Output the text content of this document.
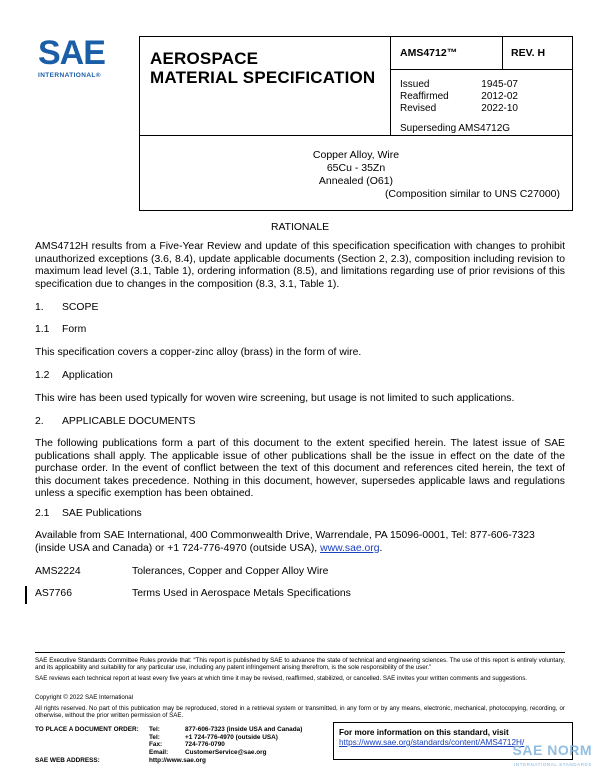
SAE
INTERNATIONAL®
AEROSPACE
MATERIAL SPECIFICATION
AMS4712™	REV. H
Issued	1945-07
Reaffirmed	2012-02
Revised	2022-10
Superseding AMS4712G
Copper Alloy, Wire
65Cu - 35Zn
Annealed (O61)
(Composition similar to UNS C27000)
RATIONALE
AMS4712H results from a Five-Year Review and update of this specification specification with changes to prohibit unauthorized exceptions (3.6, 8.4), update applicable documents (Section 2, 2.3), composition including revision to maximum lead level (3.1, Table 1), ordering information (8.5), and limitations regarding use of prior revisions of this specification due to changes in the composition (8.3, 3.1, Table 1).
1.	SCOPE
1.1	Form
This specification covers a copper-zinc alloy (brass) in the form of wire.
1.2	Application
This wire has been used typically for woven wire screening, but usage is not limited to such applications.
2.	APPLICABLE DOCUMENTS
The following publications form a part of this document to the extent specified herein. The latest issue of SAE publications shall apply. The applicable issue of other publications shall be the issue in effect on the date of the purchase order. In the event of conflict between the text of this document and references cited herein, the text of this document takes precedence. Nothing in this document, however, supersedes applicable laws and regulations unless a specific exemption has been obtained.
2.1	SAE Publications
Available from SAE International, 400 Commonwealth Drive, Warrendale, PA 15096-0001, Tel: 877-606-7323 (inside USA and Canada) or +1 724-776-4970 (outside USA), www.sae.org.
AMS2224	Tolerances, Copper and Copper Alloy Wire
AS7766	Terms Used in Aerospace Metals Specifications
SAE Executive Standards Committee Rules provide that: “This report is published by SAE to advance the state of technical and engineering sciences. The use of this report is entirely voluntary, and its applicability and suitability for any particular use, including any patent infringement arising therefrom, is the sole responsibility of the user.”
SAE reviews each technical report at least every five years at which time it may be revised, reaffirmed, stabilized, or cancelled. SAE invites your written comments and suggestions.
Copyright © 2022 SAE International
All rights reserved. No part of this publication may be reproduced, stored in a retrieval system or transmitted, in any form or by any means, electronic, mechanical, photocopying, recording, or otherwise, without the prior written permission of SAE.
TO PLACE A DOCUMENT ORDER:	Tel:	877-606-7323 (inside USA and Canada)
Tel:	+1 724-776-4970 (outside USA)
Fax:	724-776-0790
Email:	CustomerService@sae.org
SAE WEB ADDRESS:	http://www.sae.org
For more information on this standard, visit
https://www.sae.org/standards/content/AMS4712H/
SAE NORM
INTERNATIONAL STANDARDS
